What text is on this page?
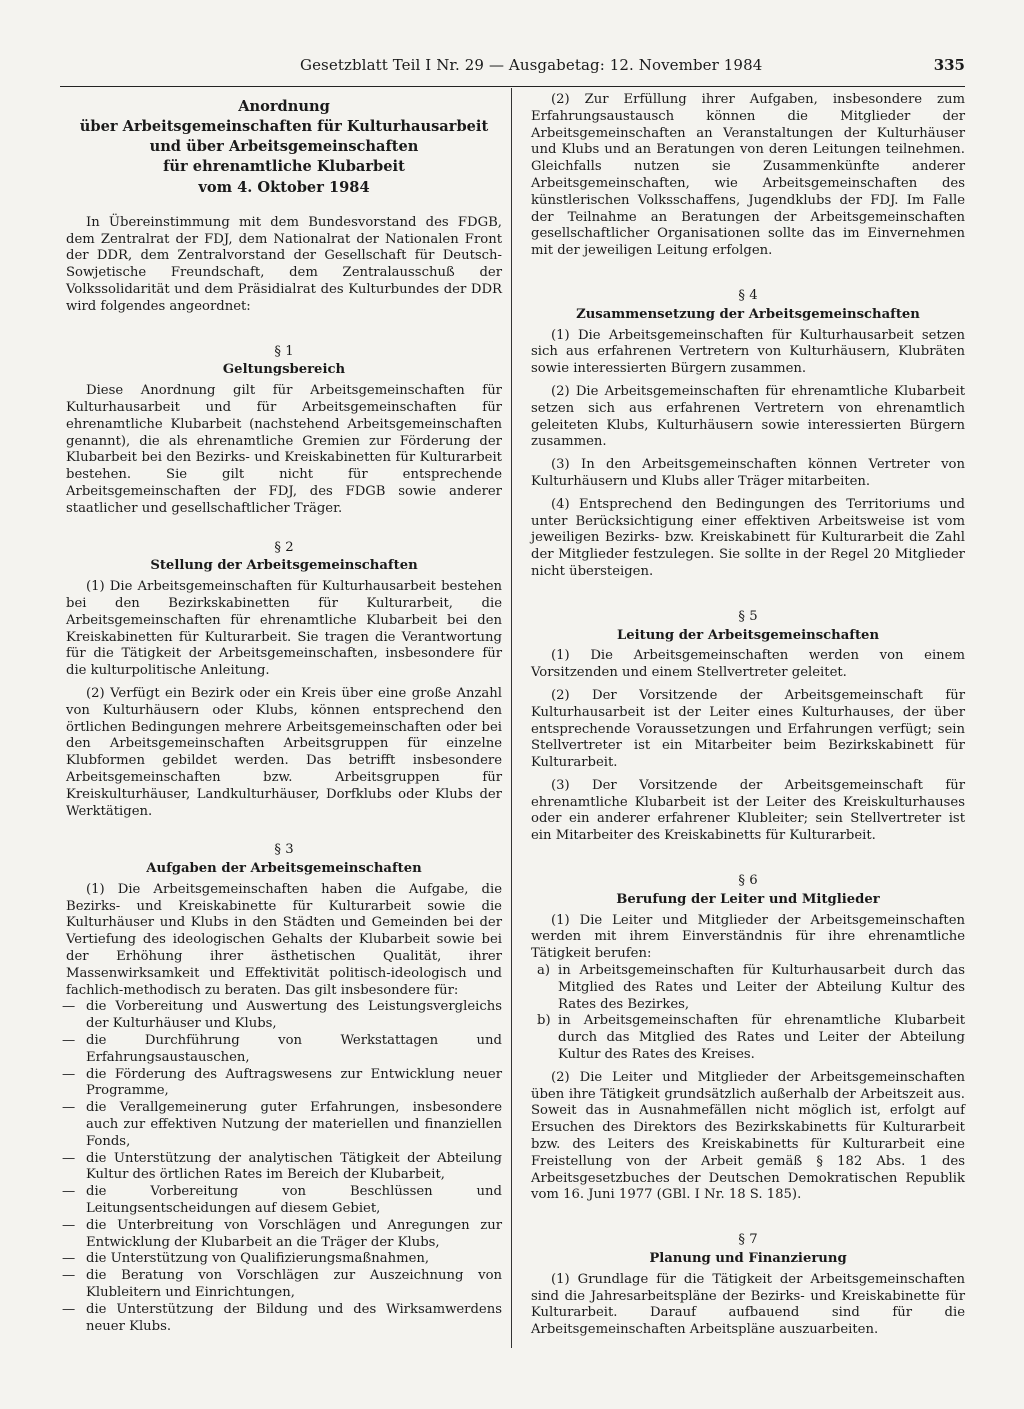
Gesetzblatt Teil I Nr. 29 — Ausgabetag: 12. November 1984	335
Anordnung
über Arbeitsgemeinschaften für Kulturhausarbeit
und über Arbeitsgemeinschaften
für ehrenamtliche Klubarbeit
vom 4. Oktober 1984

In Übereinstimmung mit dem Bundesvorstand des FDGB, dem Zentralrat der FDJ, dem Nationalrat der Nationalen Front der DDR, dem Zentralvorstand der Gesellschaft für Deutsch-Sowjetische Freundschaft, dem Zentralausschuß der Volkssolidarität und dem Präsidialrat des Kulturbundes der DDR wird folgendes angeordnet:

§ 1
Geltungsbereich

Diese Anordnung gilt für Arbeitsgemeinschaften für Kulturhausarbeit und für Arbeitsgemeinschaften für ehrenamtliche Klubarbeit (nachstehend Arbeitsgemeinschaften genannt), die als ehrenamtliche Gremien zur Förderung der Klubarbeit bei den Bezirks- und Kreiskabinetten für Kulturarbeit bestehen. Sie gilt nicht für entsprechende Arbeitsgemeinschaften der FDJ, des FDGB sowie anderer staatlicher und gesellschaftlicher Träger.

§ 2
Stellung der Arbeitsgemeinschaften

(1) Die Arbeitsgemeinschaften für Kulturhausarbeit bestehen bei den Bezirkskabinetten für Kulturarbeit, die Arbeitsgemeinschaften für ehrenamtliche Klubarbeit bei den Kreiskabinetten für Kulturarbeit. Sie tragen die Verantwortung für die Tätigkeit der Arbeitsgemeinschaften, insbesondere für die kulturpolitische Anleitung.

(2) Verfügt ein Bezirk oder ein Kreis über eine große Anzahl von Kulturhäusern oder Klubs, können entsprechend den örtlichen Bedingungen mehrere Arbeitsgemeinschaften oder bei den Arbeitsgemeinschaften Arbeitsgruppen für einzelne Klubformen gebildet werden. Das betrifft insbesondere Arbeitsgemeinschaften bzw. Arbeitsgruppen für Kreiskulturhäuser, Landkulturhäuser, Dorfklubs oder Klubs der Werktätigen.

§ 3
Aufgaben der Arbeitsgemeinschaften

(1) Die Arbeitsgemeinschaften haben die Aufgabe, die Bezirks- und Kreiskabinette für Kulturarbeit sowie die Kulturhäuser und Klubs in den Städten und Gemeinden bei der Vertiefung des ideologischen Gehalts der Klubarbeit sowie bei der Erhöhung ihrer ästhetischen Qualität, ihrer Massenwirksamkeit und Effektivität politisch-ideologisch und fachlich-methodisch zu beraten. Das gilt insbesondere für:

— die Vorbereitung und Auswertung des Leistungsvergleichs der Kulturhäuser und Klubs,
— die Durchführung von Werkstattagen und Erfahrungsaustauschen,
— die Förderung des Auftragswesens zur Entwicklung neuer Programme,
— die Verallgemeinerung guter Erfahrungen, insbesondere auch zur effektiven Nutzung der materiellen und finanziellen Fonds,
— die Unterstützung der analytischen Tätigkeit der Abteilung Kultur des örtlichen Rates im Bereich der Klubarbeit,
— die Vorbereitung von Beschlüssen und Leitungsentscheidungen auf diesem Gebiet,
— die Unterbreitung von Vorschlägen und Anregungen zur Entwicklung der Klubarbeit an die Träger der Klubs,
— die Unterstützung von Qualifizierungsmaßnahmen,
— die Beratung von Vorschlägen zur Auszeichnung von Klubleitern und Einrichtungen,
— die Unterstützung der Bildung und des Wirksamwerdens neuer Klubs.

(2) Zur Erfüllung ihrer Aufgaben, insbesondere zum Erfahrungsaustausch können die Mitglieder der Arbeitsgemeinschaften an Veranstaltungen der Kulturhäuser und Klubs und an Beratungen von deren Leitungen teilnehmen. Gleichfalls nutzen sie Zusammenkünfte anderer Arbeitsgemeinschaften, wie Arbeitsgemeinschaften des künstlerischen Volksschaffens, Jugendklubs der FDJ. Im Falle der Teilnahme an Beratungen der Arbeitsgemeinschaften gesellschaftlicher Organisationen sollte das im Einvernehmen mit der jeweiligen Leitung erfolgen.

§ 4
Zusammensetzung der Arbeitsgemeinschaften

(1) Die Arbeitsgemeinschaften für Kulturhausarbeit setzen sich aus erfahrenen Vertretern von Kulturhäusern, Klubräten sowie interessierten Bürgern zusammen.

(2) Die Arbeitsgemeinschaften für ehrenamtliche Klubarbeit setzen sich aus erfahrenen Vertretern von ehrenamtlich geleiteten Klubs, Kulturhäusern sowie interessierten Bürgern zusammen.

(3) In den Arbeitsgemeinschaften können Vertreter von Kulturhäusern und Klubs aller Träger mitarbeiten.

(4) Entsprechend den Bedingungen des Territoriums und unter Berücksichtigung einer effektiven Arbeitsweise ist vom jeweiligen Bezirks- bzw. Kreiskabinett für Kulturarbeit die Zahl der Mitglieder festzulegen. Sie sollte in der Regel 20 Mitglieder nicht übersteigen.

§ 5
Leitung der Arbeitsgemeinschaften

(1) Die Arbeitsgemeinschaften werden von einem Vorsitzenden und einem Stellvertreter geleitet.

(2) Der Vorsitzende der Arbeitsgemeinschaft für Kulturhausarbeit ist der Leiter eines Kulturhauses, der über entsprechende Voraussetzungen und Erfahrungen verfügt; sein Stellvertreter ist ein Mitarbeiter beim Bezirkskabinett für Kulturarbeit.

(3) Der Vorsitzende der Arbeitsgemeinschaft für ehrenamtliche Klubarbeit ist der Leiter des Kreiskulturhauses oder ein anderer erfahrener Klubleiter; sein Stellvertreter ist ein Mitarbeiter des Kreiskabinetts für Kulturarbeit.

§ 6
Berufung der Leiter und Mitglieder

(1) Die Leiter und Mitglieder der Arbeitsgemeinschaften werden mit ihrem Einverständnis für ihre ehrenamtliche Tätigkeit berufen:

a) in Arbeitsgemeinschaften für Kulturhausarbeit durch das Mitglied des Rates und Leiter der Abteilung Kultur des Rates des Bezirkes,
b) in Arbeitsgemeinschaften für ehrenamtliche Klubarbeit durch das Mitglied des Rates und Leiter der Abteilung Kultur des Rates des Kreises.

(2) Die Leiter und Mitglieder der Arbeitsgemeinschaften üben ihre Tätigkeit grundsätzlich außerhalb der Arbeitszeit aus. Soweit das in Ausnahmefällen nicht möglich ist, erfolgt auf Ersuchen des Direktors des Bezirkskabinetts für Kulturarbeit bzw. des Leiters des Kreiskabinetts für Kulturarbeit eine Freistellung von der Arbeit gemäß § 182 Abs. 1 des Arbeitsgesetzbuches der Deutschen Demokratischen Republik vom 16. Juni 1977 (GBl. I Nr. 18 S. 185).

§ 7
Planung und Finanzierung

(1) Grundlage für die Tätigkeit der Arbeitsgemeinschaften sind die Jahresarbeitspläne der Bezirks- und Kreiskabinette für Kulturarbeit. Darauf aufbauend sind für die Arbeitsgemeinschaften Arbeitspläne auszuarbeiten.
